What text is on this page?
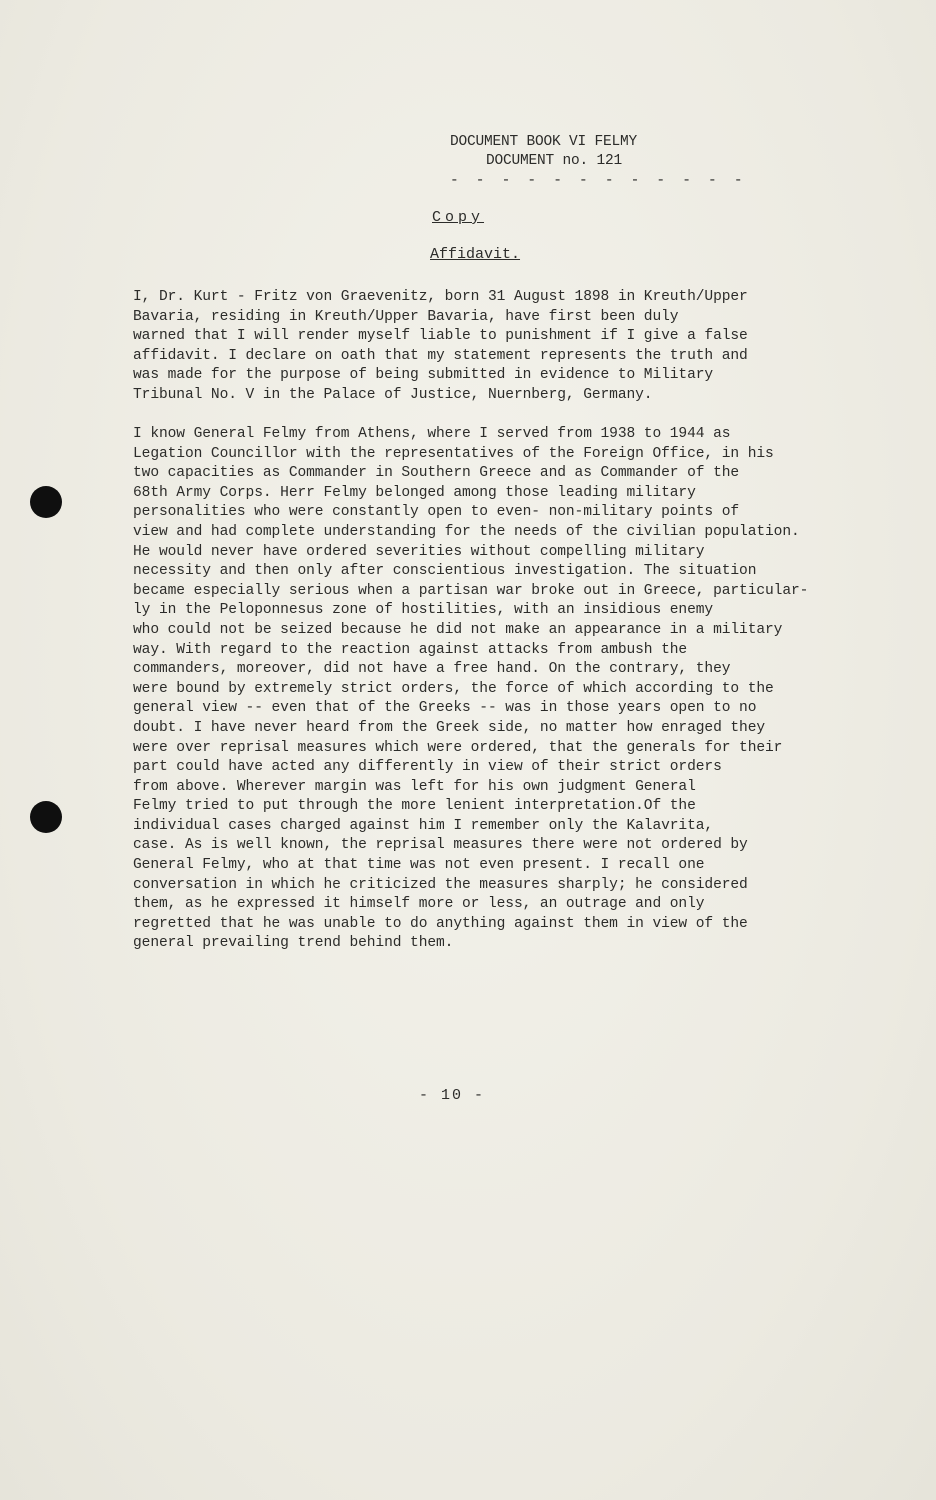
DOCUMENT BOOK VI FELMY
DOCUMENT no. 121
- - - - - - - - - - - -
Copy
Affidavit.
I, Dr. Kurt - Fritz von Graevenitz, born 31 August 1898 in Kreuth/Upper
Bavaria, residing in Kreuth/Upper Bavaria, have first been duly
warned that I will render myself liable to punishment if I give a false
affidavit. I declare on oath that my statement represents the truth and
was made for the purpose of being submitted in evidence to Military
Tribunal No. V in the Palace of Justice, Nuernberg, Germany.
I know General Felmy from Athens, where I served from 1938 to 1944 as
Legation Councillor with the representatives of the Foreign Office, in his
two capacities as Commander in Southern Greece and as Commander of the
68th Army Corps. Herr Felmy belonged among those leading military
personalities who were constantly open to even- non-military points of
view and had complete understanding for the needs of the civilian population.
He would never have ordered severities without compelling military
necessity and then only after conscientious investigation. The situation
became especially serious when a partisan war broke out in Greece, particular-
ly in the Peloponnesus zone of hostilities, with an insidious enemy
who could not be seized because he did not make an appearance in a military
way. With regard to the reaction against attacks from ambush the
commanders, moreover, did not have a free hand. On the contrary, they
were bound by extremely strict orders, the force of which according to the
general view -- even that of the Greeks -- was in those years open to no
doubt. I have never heard from the Greek side, no matter how enraged they
were over reprisal measures which were ordered, that the generals for their
part could have acted any differently in view of their strict orders
from above. Wherever margin was left for his own judgment General
Felmy tried to put through the more lenient interpretation.Of the
individual cases charged against him I remember only the Kalavrita,
case. As is well known, the reprisal measures there were not ordered by
General Felmy, who at that time was not even present. I recall one
conversation in which he criticized the measures sharply; he considered
them, as he expressed it himself more or less, an outrage and only
regretted that he was unable to do anything against them in view of the
general prevailing trend behind them.
- 10 -
